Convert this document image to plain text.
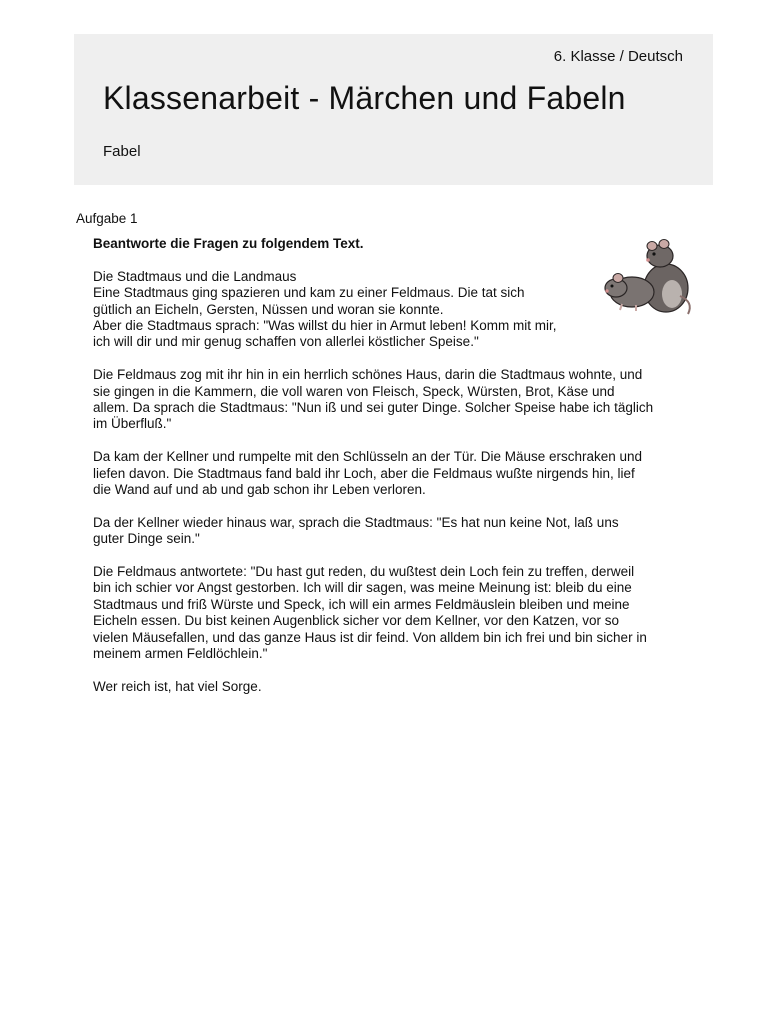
6. Klasse / Deutsch
Klassenarbeit - Märchen und Fabeln
Fabel
Aufgabe 1

Beantworte die Fragen zu folgendem Text.

Die Stadtmaus und die Landmaus
Eine Stadtmaus ging spazieren und kam zu einer Feldmaus. Die tat sich
gütlich an Eicheln, Gersten, Nüssen und woran sie konnte.
Aber die Stadtmaus sprach: "Was willst du hier in Armut leben! Komm mit mir,
ich will dir und mir genug schaffen von allerlei köstlicher Speise."

Die Feldmaus zog mit ihr hin in ein herrlich schönes Haus, darin die Stadtmaus wohnte, und
sie gingen in die Kammern, die voll waren von Fleisch, Speck, Würsten, Brot, Käse und
allem. Da sprach die Stadtmaus: "Nun iß und sei guter Dinge. Solcher Speise habe ich täglich
im Überfluß."

Da kam der Kellner und rumpelte mit den Schlüsseln an der Tür. Die Mäuse erschraken und
liefen davon. Die Stadtmaus fand bald ihr Loch, aber die Feldmaus wußte nirgends hin, lief
die Wand auf und ab und gab schon ihr Leben verloren.

Da der Kellner wieder hinaus war, sprach die Stadtmaus: "Es hat nun keine Not, laß uns
guter Dinge sein."

Die Feldmaus antwortete: "Du hast gut reden, du wußtest dein Loch fein zu treffen, derweil
bin ich schier vor Angst gestorben. Ich will dir sagen, was meine Meinung ist: bleib du eine
Stadtmaus und friß Würste und Speck, ich will ein armes Feldmäuslein bleiben und meine
Eicheln essen. Du bist keinen Augenblick sicher vor dem Kellner, vor den Katzen, vor so
vielen Mäusefallen, und das ganze Haus ist dir feind. Von alldem bin ich frei und bin sicher in
meinem armen Feldlöchlein."

Wer reich ist, hat viel Sorge.
